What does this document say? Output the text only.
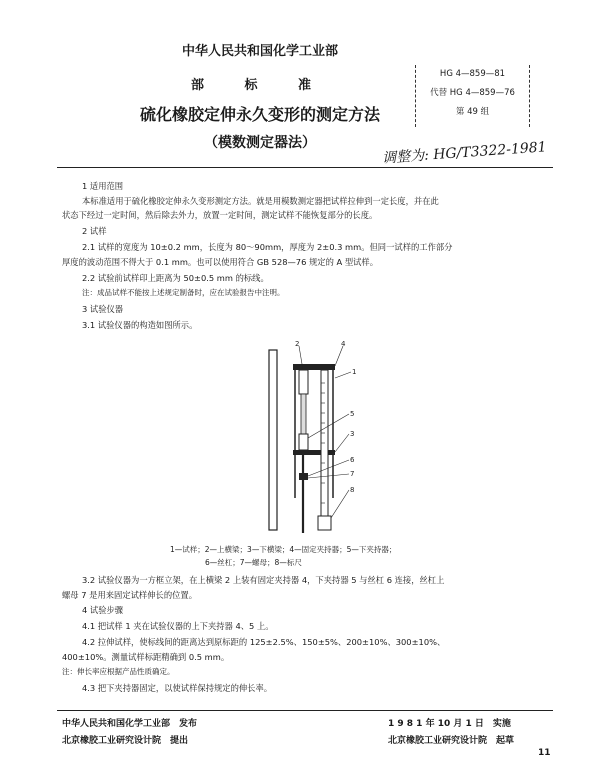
中华人民共和国化学工业部
部 标 准
硫化橡胶定伸永久变形的测定方法
（模数测定器法）
HG 4—859—81
代替 HG 4—859—76
第 49 组
调整为: HG/T3322-1981
1 适用范围
本标准适用于硫化橡胶定伸永久变形测定方法。就是用模数测定器把试样拉伸到一定长度，并在此
状态下经过一定时间，然后除去外力，放置一定时间，测定试样不能恢复部分的长度。
2 试样
2.1 试样的宽度为 10±0.2 mm，长度为 80～90mm，厚度为 2±0.3 mm。但同一试样的工作部分
厚度的波动范围不得大于 0.1 mm。也可以使用符合 GB 528—76 规定的 A 型试样。
2.2 试验前试样印上距离为 50±0.5 mm 的标线。
注：成品试样不能按上述规定制备时，应在试验报告中注明。
3 试验仪器
3.1 试验仪器的构造如图所示。
2	4
1
5
3
6
7
8
1—试样；2—上横梁；3—下横梁；4—固定夹持器；5—下夹持器；
6—丝杠；7—螺母；8—标尺
3.2 试验仪器为一方框立架，在上横梁 2 上装有固定夹持器 4，下夹持器 5 与丝杠 6 连接，丝杠上
螺母 7 是用来固定试样伸长的位置。
4 试验步骤
4.1 把试样 1 夹在试验仪器的上下夹持器 4、5 上。
4.2 拉伸试样，使标线间的距离达到原标距的 125±2.5%、150±5%、200±10%、300±10%、
400±10%。测量试样标距精确到 0.5 mm。
注：伸长率应根据产品性质确定。
4.3 把下夹持器固定，以使试样保持规定的伸长率。
中华人民共和国化学工业部　发布	1 9 8 1 年 10 月 1 日　实施
北京橡胶工业研究设计院　提出	北京橡胶工业研究设计院　起草
11
